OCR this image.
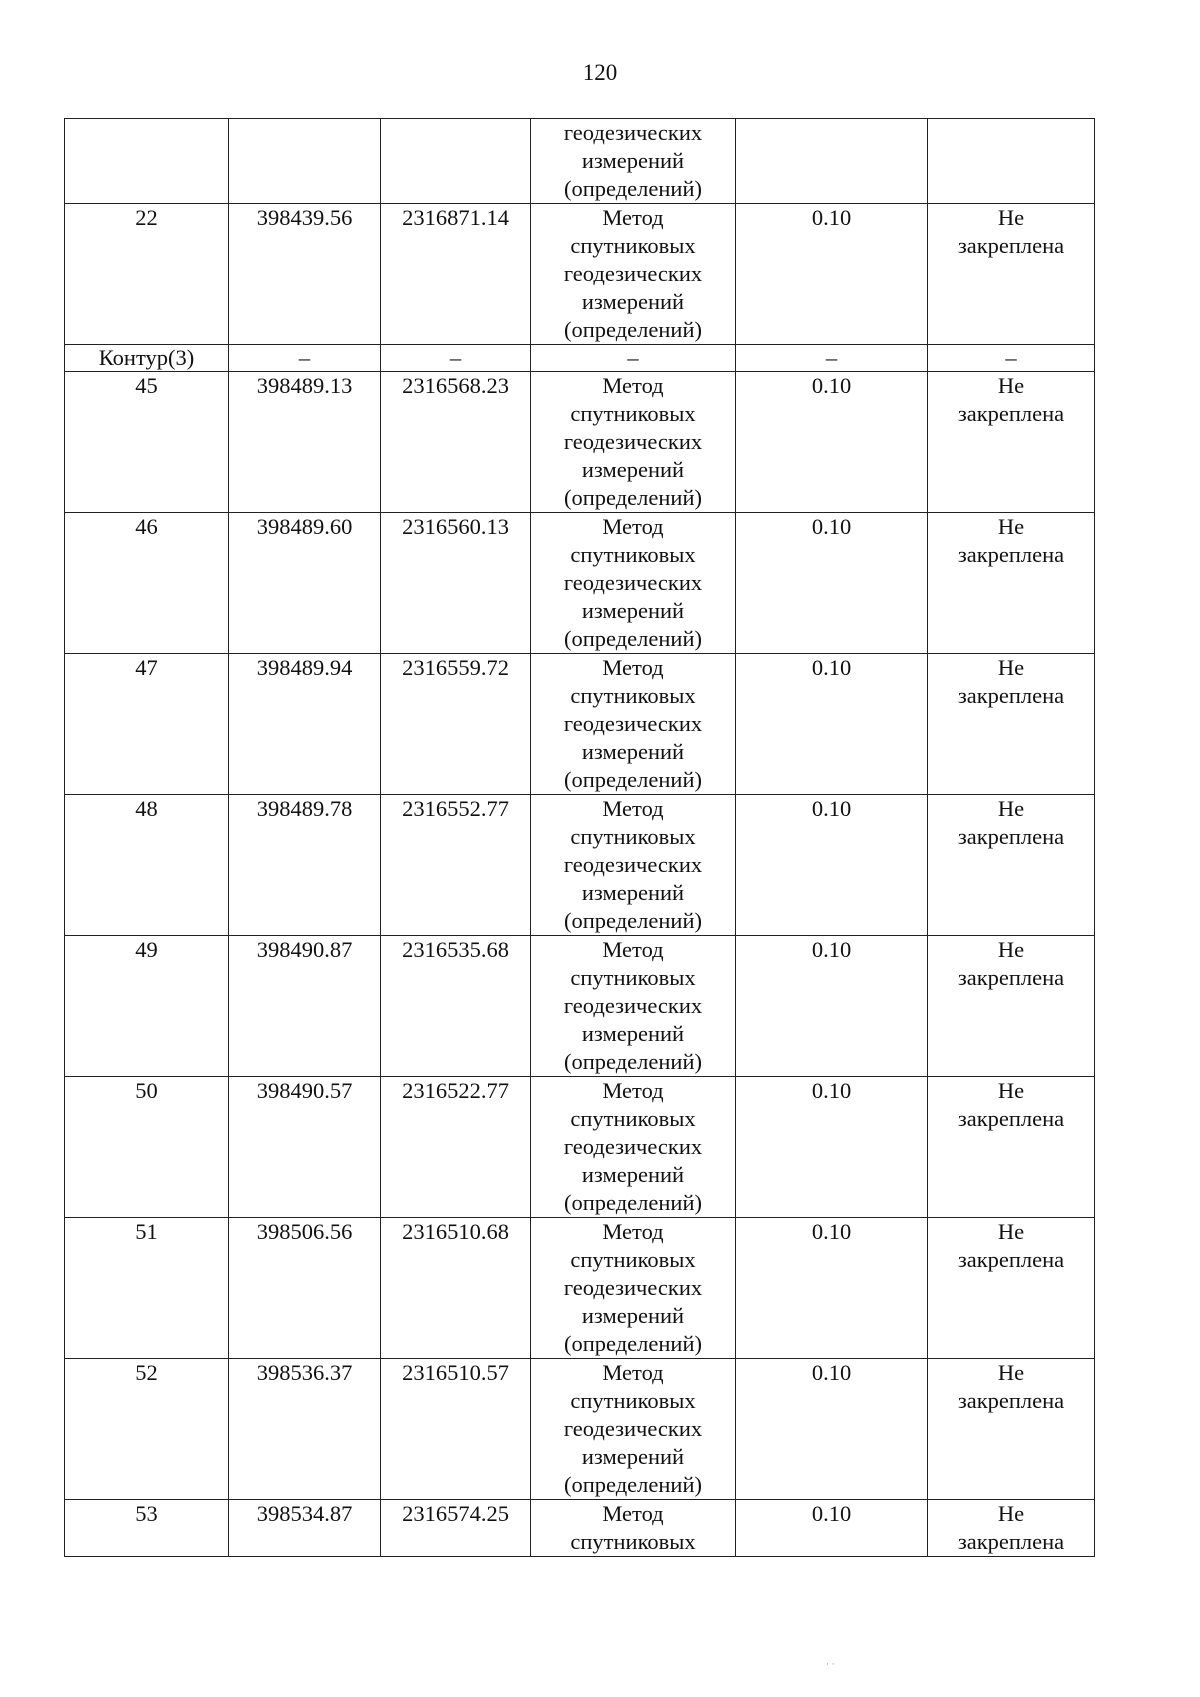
120

			геодезических
измерений
(определений)		

22	398439.56	2316871.14	Метод
спутниковых
геодезических
измерений
(определений)	0.10	Не
закреплена

Контур(3)	–	–	–	–	–
45	398489.13	2316568.23	Метод
спутниковых
геодезических
измерений
(определений)	0.10	Не
закреплена

46	398489.60	2316560.13	Метод
спутниковых
геодезических
измерений
(определений)	0.10	Не
закреплена

47	398489.94	2316559.72	Метод
спутниковых
геодезических
измерений
(определений)	0.10	Не
закреплена

48	398489.78	2316552.77	Метод
спутниковых
геодезических
измерений
(определений)	0.10	Не
закреплена

49	398490.87	2316535.68	Метод
спутниковых
геодезических
измерений
(определений)	0.10	Не
закреплена

50	398490.57	2316522.77	Метод
спутниковых
геодезических
измерений
(определений)	0.10	Не
закреплена

51	398506.56	2316510.68	Метод
спутниковых
геодезических
измерений
(определений)	0.10	Не
закреплена

52	398536.37	2316510.57	Метод
спутниковых
геодезических
измерений
(определений)	0.10	Не
закреплена

53	398534.87	2316574.25	Метод
спутниковых	0.10	Не
закреплена
· ·
